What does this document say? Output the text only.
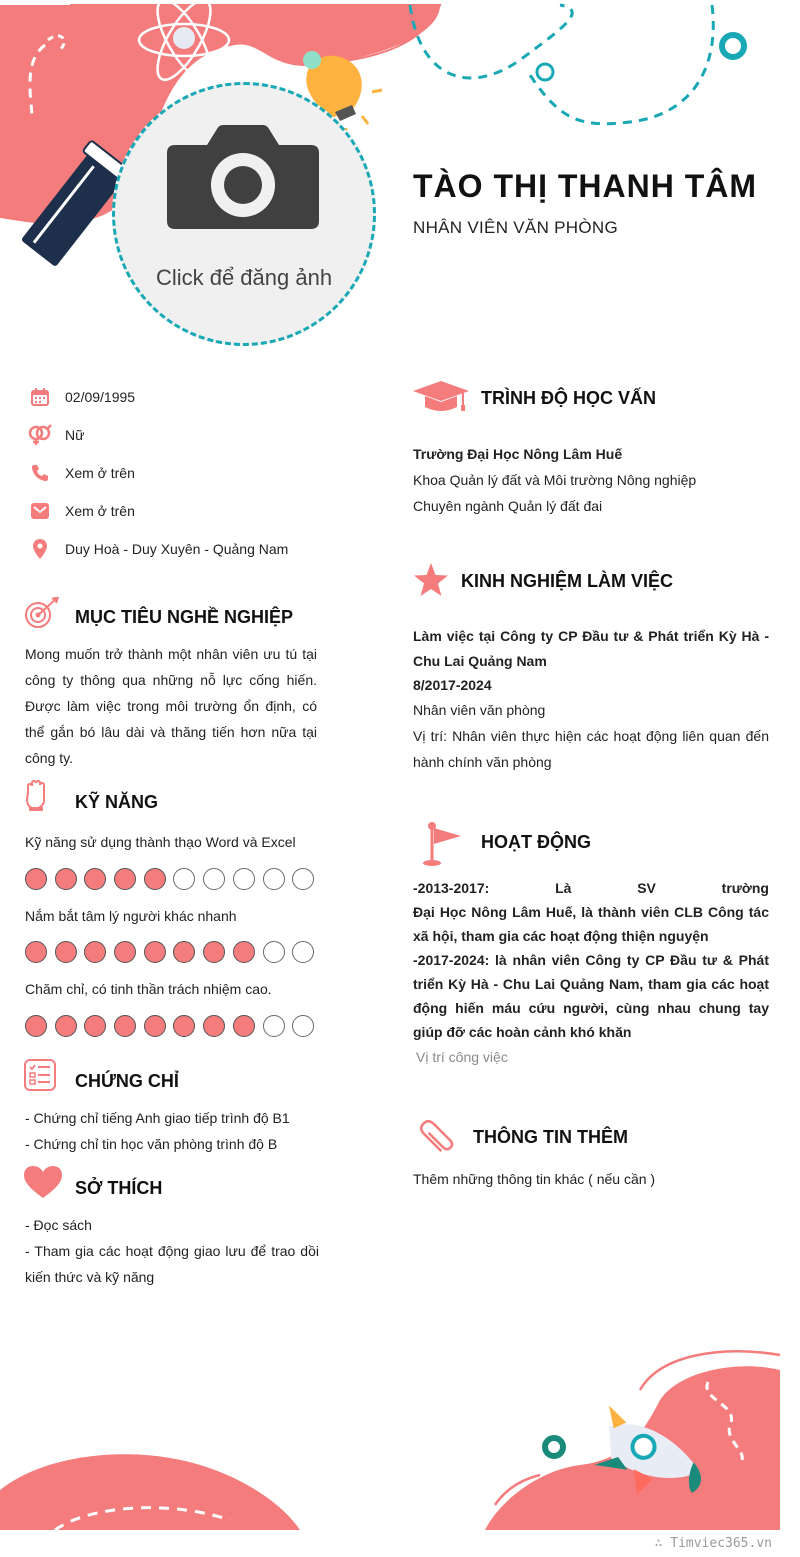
Click để đăng ảnh
TÀO THỊ THANH TÂM
NHÂN VIÊN VĂN PHÒNG
02/09/1995
Nữ
Xem ở trên
Xem ở trên
Duy Hoà - Duy Xuyên - Quảng Nam
MỤC TIÊU NGHỀ NGHIỆP
Mong muốn trở thành một nhân viên ưu tú tại công ty thông qua những nỗ lực cống hiến. Được làm việc trong môi trường ổn định, có thể gắn bó lâu dài và thăng tiến hơn nữa tại công ty.
KỸ NĂNG
Kỹ năng sử dụng thành thạo Word và Excel
Nắm bắt tâm lý người khác nhanh
Chăm chỉ, có tinh thần trách nhiệm cao.
CHỨNG CHỈ
- Chứng chỉ tiếng Anh giao tiếp trình độ B1
- Chứng chỉ tin học văn phòng trình độ B
SỞ THÍCH
- Đọc sách
- Tham gia các hoạt động giao lưu để trao dồi kiến thức và kỹ năng
TRÌNH ĐỘ HỌC VẤN
Trường Đại Học Nông Lâm Huế
Khoa Quản lý đất và Môi trường Nông nghiệp
Chuyên ngành Quản lý đất đai
KINH NGHIỆM LÀM VIỆC
Làm việc tại Công ty CP Đầu tư & Phát triển Kỳ Hà - Chu Lai Quảng Nam
8/2017-2024
Nhân viên văn phòng
Vị trí: Nhân viên thực hiện các hoạt động liên quan đến hành chính văn phòng
HOẠT ĐỘNG
-2013-2017:	Là	SV	trường
Đại Học Nông Lâm Huế, là thành viên CLB Công tác xã hội, tham gia các hoạt động thiện nguyện
-2017-2024: là nhân viên Công ty CP Đầu tư & Phát triển Kỳ Hà - Chu Lai Quảng Nam, tham gia các hoạt động hiến máu cứu người, cùng nhau chung tay giúp đỡ các hoàn cảnh khó khăn
Vị trí công việc
THÔNG TIN THÊM
Thêm những thông tin khác ( nếu cần )
∴ Timviec365.vn
